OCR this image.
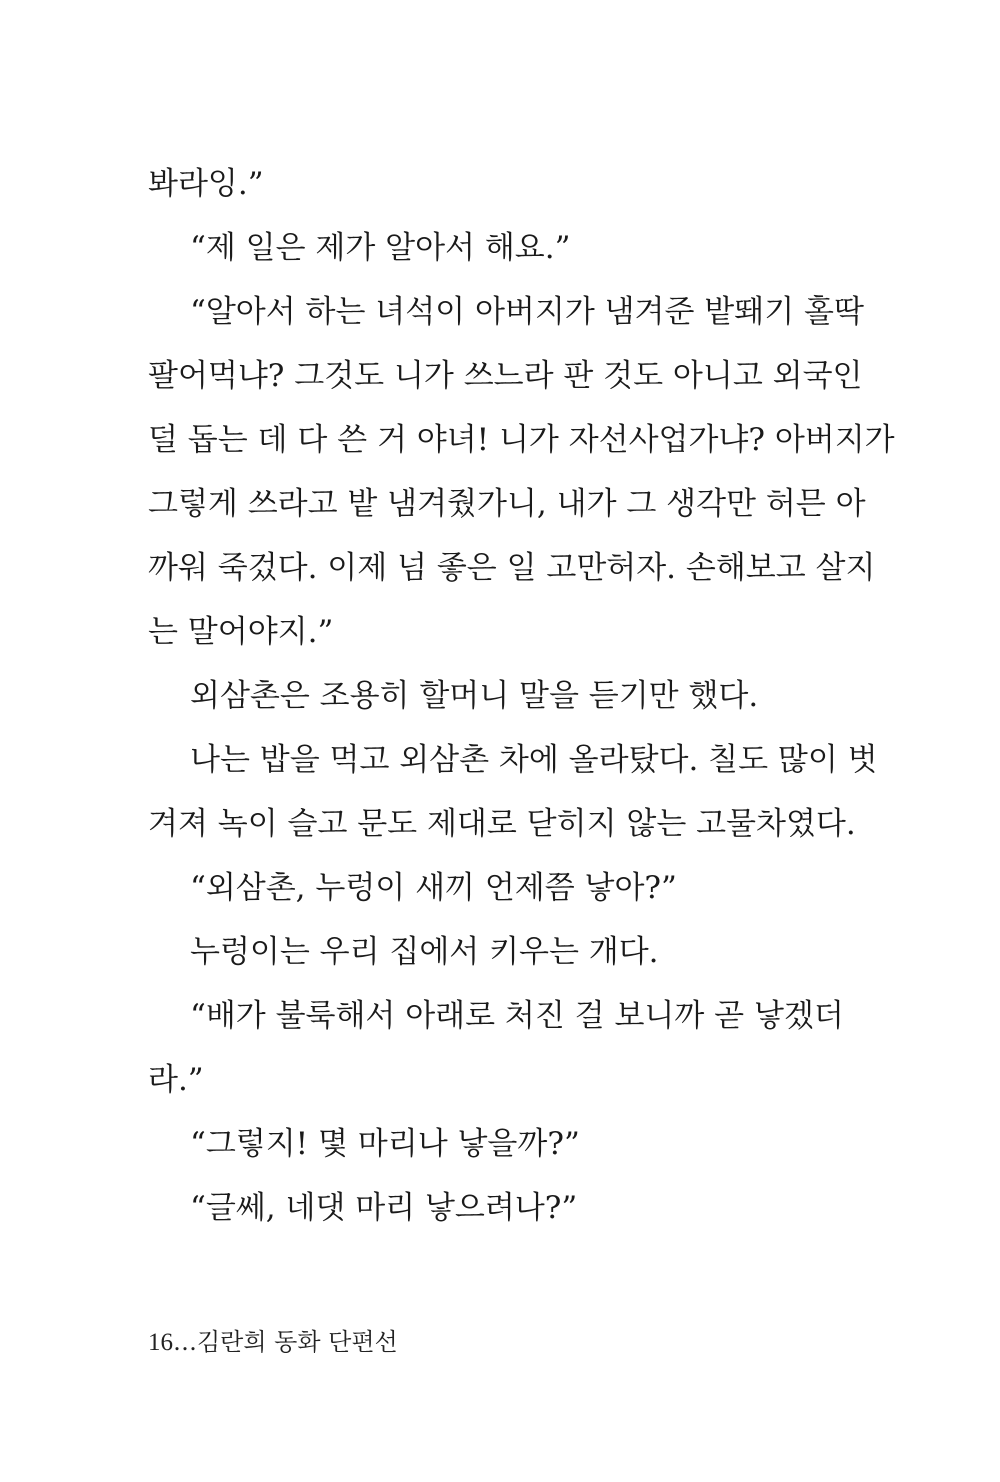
봐라잉.”
“제 일은 제가 알아서 해요.”
“알아서 하는 녀석이 아버지가 냄겨준 밭뙈기 홀딱
팔어먹냐? 그것도 니가 쓰느라 판 것도 아니고 외국인
덜 돕는 데 다 쓴 거 야녀! 니가 자선사업가냐? 아버지가
그렇게 쓰라고 밭 냄겨줬가니, 내가 그 생각만 허믄 아
까워 죽겄다. 이제 넘 좋은 일 고만허자. 손해보고 살지
는 말어야지.”
외삼촌은 조용히 할머니 말을 듣기만 했다.
나는 밥을 먹고 외삼촌 차에 올라탔다. 칠도 많이 벗
겨져 녹이 슬고 문도 제대로 닫히지 않는 고물차였다.
“외삼촌, 누렁이 새끼 언제쯤 낳아?”
누렁이는 우리 집에서 키우는 개다.
“배가 불룩해서 아래로 처진 걸 보니까 곧 낳겠더
라.”
“그렇지! 몇 마리나 낳을까?”
“글쎄, 네댓 마리 낳으려나?”
16…김란희 동화 단편선
